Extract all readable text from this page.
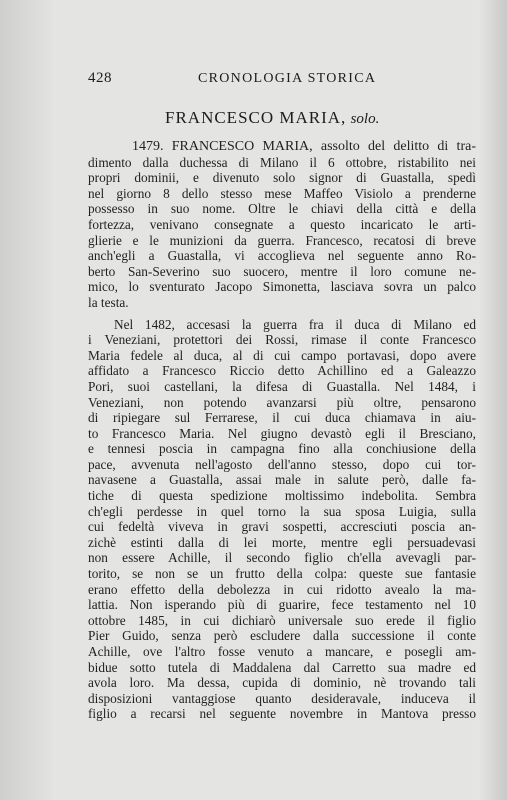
428	CRONOLOGIA STORICA
FRANCESCO MARIA, solo.
1479. FRANCESCO MARIA, assolto del delitto di tra-
dimento dalla duchessa di Milano il 6 ottobre, ristabilito nei
propri dominii, e divenuto solo signor di Guastalla, spedì
nel giorno 8 dello stesso mese Maffeo Visiolo a prenderne
possesso in suo nome. Oltre le chiavi della città e della
fortezza, venivano consegnate a questo incaricato le arti-
glierie e le munizioni da guerra. Francesco, recatosi di breve
anch'egli a Guastalla, vi accoglieva nel seguente anno Ro-
berto San-Severino suo suocero, mentre il loro comune ne-
mico, lo sventurato Jacopo Simonetta, lasciava sovra un palco
la testa.
Nel 1482, accesasi la guerra fra il duca di Milano ed
i Veneziani, protettori dei Rossi, rimase il conte Francesco
Maria fedele al duca, al di cui campo portavasi, dopo avere
affidato a Francesco Riccio detto Achillino ed a Galeazzo
Pori, suoi castellani, la difesa di Guastalla. Nel 1484, i
Veneziani, non potendo avanzarsi più oltre, pensarono
di ripiegare sul Ferrarese, il cui duca chiamava in aiu-
to Francesco Maria. Nel giugno devastò egli il Bresciano,
e tennesi poscia in campagna fino alla conchiusione della
pace, avvenuta nell'agosto dell'anno stesso, dopo cui tor-
navasene a Guastalla, assai male in salute però, dalle fa-
tiche di questa spedizione moltissimo indebolita. Sembra
ch'egli perdesse in quel torno la sua sposa Luigia, sulla
cui fedeltà viveva in gravi sospetti, accresciuti poscia an-
zichè estinti dalla di lei morte, mentre egli persuadevasi
non essere Achille, il secondo figlio ch'ella avevagli par-
torito, se non se un frutto della colpa: queste sue fantasie
erano effetto della debolezza in cui ridotto avealo la ma-
lattia. Non isperando più di guarire, fece testamento nel 10
ottobre 1485, in cui dichiarò universale suo erede il figlio
Pier Guido, senza però escludere dalla successione il conte
Achille, ove l'altro fosse venuto a mancare, e posegli am-
bidue sotto tutela di Maddalena dal Carretto sua madre ed
avola loro. Ma dessa, cupida di dominio, nè trovando tali
disposizioni vantaggiose quanto desideravale, induceva il
figlio a recarsi nel seguente novembre in Mantova presso
